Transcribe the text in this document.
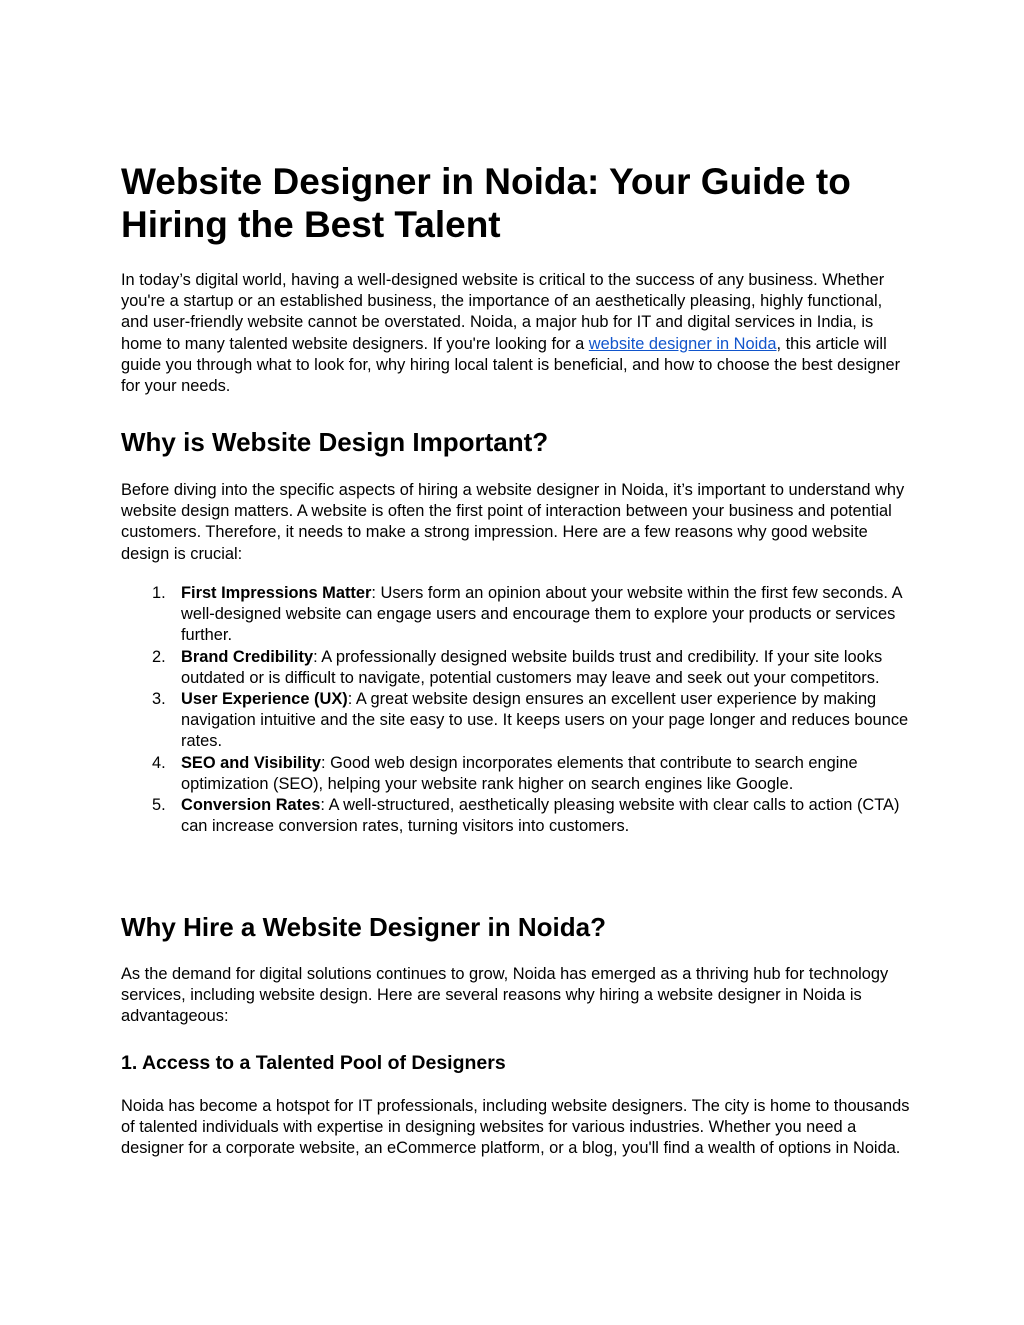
Website Designer in Noida: Your Guide to Hiring the Best Talent

In today’s digital world, having a well-designed website is critical to the success of any business. Whether you're a startup or an established business, the importance of an aesthetically pleasing, highly functional, and user-friendly website cannot be overstated. Noida, a major hub for IT and digital services in India, is home to many talented website designers. If you're looking for a website designer in Noida, this article will guide you through what to look for, why hiring local talent is beneficial, and how to choose the best designer for your needs.

Why is Website Design Important?

Before diving into the specific aspects of hiring a website designer in Noida, it’s important to understand why website design matters. A website is often the first point of interaction between your business and potential customers. Therefore, it needs to make a strong impression. Here are a few reasons why good website design is crucial:

1. First Impressions Matter: Users form an opinion about your website within the first few seconds. A well-designed website can engage users and encourage them to explore your products or services further.
2. Brand Credibility: A professionally designed website builds trust and credibility. If your site looks outdated or is difficult to navigate, potential customers may leave and seek out your competitors.
3. User Experience (UX): A great website design ensures an excellent user experience by making navigation intuitive and the site easy to use. It keeps users on your page longer and reduces bounce rates.
4. SEO and Visibility: Good web design incorporates elements that contribute to search engine optimization (SEO), helping your website rank higher on search engines like Google.
5. Conversion Rates: A well-structured, aesthetically pleasing website with clear calls to action (CTA) can increase conversion rates, turning visitors into customers.
Why Hire a Website Designer in Noida?

As the demand for digital solutions continues to grow, Noida has emerged as a thriving hub for technology services, including website design. Here are several reasons why hiring a website designer in Noida is advantageous:

1. Access to a Talented Pool of Designers

Noida has become a hotspot for IT professionals, including website designers. The city is home to thousands of talented individuals with expertise in designing websites for various industries. Whether you need a designer for a corporate website, an eCommerce platform, or a blog, you'll find a wealth of options in Noida.
